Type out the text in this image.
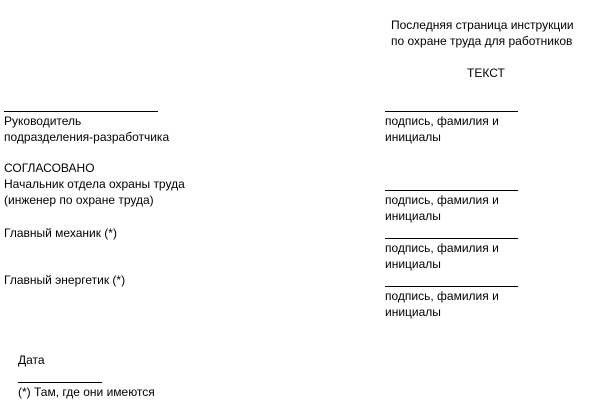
Последняя страница инструкции
по охране труда для работников
ТЕКСТ
Руководитель
подразделения-разработчика
подпись, фамилия и
инициалы
СОГЛАСОВАНО
Начальник отдела охраны труда
(инженер по охране труда)	подпись, фамилия и
инициалы
Главный механик (*)
подпись, фамилия и
инициалы
Главный энергетик (*)
подпись, фамилия и
инициалы
Дата
(*) Там, где они имеются
